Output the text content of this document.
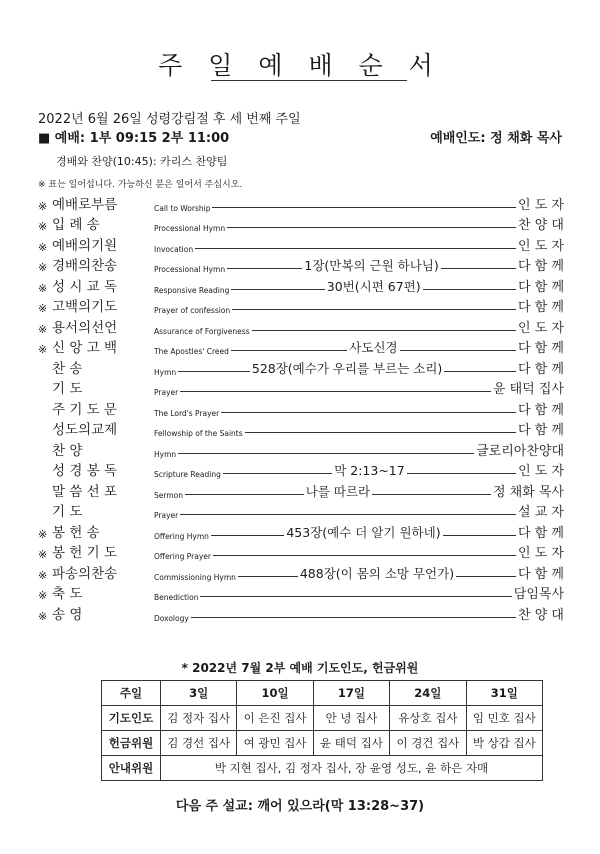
주 일 예 배 순 서
2022년 6월 26일 성령강림절 후 세 번째 주일
■ 예배: 1부 09:15 2부 11:00	예배인도: 정 채화 목사
경배와 찬양(10:45): 카리스 찬양팀
※ 표는 일어섭니다. 가능하신 분은 일어서 주십시오.
※ 예배로부름	Call to Worship	인 도 자
※ 입 례 송	Processional Hymn	찬 양 대
※ 예배의기원	Invocation	인 도 자
※ 경배의찬송	Processional Hymn	1장(만복의 근원 하나님)	다 함 께
※ 성 시 교 독	Responsive Reading	30번(시편 67편)	다 함 께
※ 고백의기도	Prayer of confession	다 함 께
※ 용서의선언	Assurance of Forgiveness	인 도 자
※ 신 앙 고 백	The Apostles' Creed	사도신경	다 함 께
찬 송	Hymn	528장(예수가 우리를 부르는 소리)	다 함 께
기 도	Prayer	윤 태덕 집사
주 기 도 문	The Lord's Prayer	다 함 께
성도의교제	Fellowship of the Saints	다 함 께
찬 양	Hymn	글로리아찬양대
성 경 봉 독	Scripture Reading	막 2:13~17	인 도 자
말 씀 선 포	Sermon	나를 따르라	정 채화 목사
기 도	Prayer	설 교 자
※ 봉 헌 송	Offering Hymn	453장(예수 더 알기 원하네)	다 함 께
※ 봉 헌 기 도	Offering Prayer	인 도 자
※ 파송의찬송	Commissioning Hymn	488장(이 몸의 소망 무언가)	다 함 께
※ 축 도	Benediction	담임목사
※ 송 영	Doxology	찬 양 대
* 2022년 7월 2부 예배 기도인도, 헌금위원
주일	3일	10일	17일	24일	31일
기도인도	김 정자 집사	이 은진 집사	안 녕 집사	유상호 집사	임 민호 집사
헌금위원	김 경선 집사	여 광민 집사	윤 태덕 집사	이 경건 집사	박 상갑 집사
안내위원	박 지현 집사, 김 정자 집사, 장 윤영 성도, 윤 하은 자매				
다음 주 설교: 깨어 있으라(막 13:28~37)
